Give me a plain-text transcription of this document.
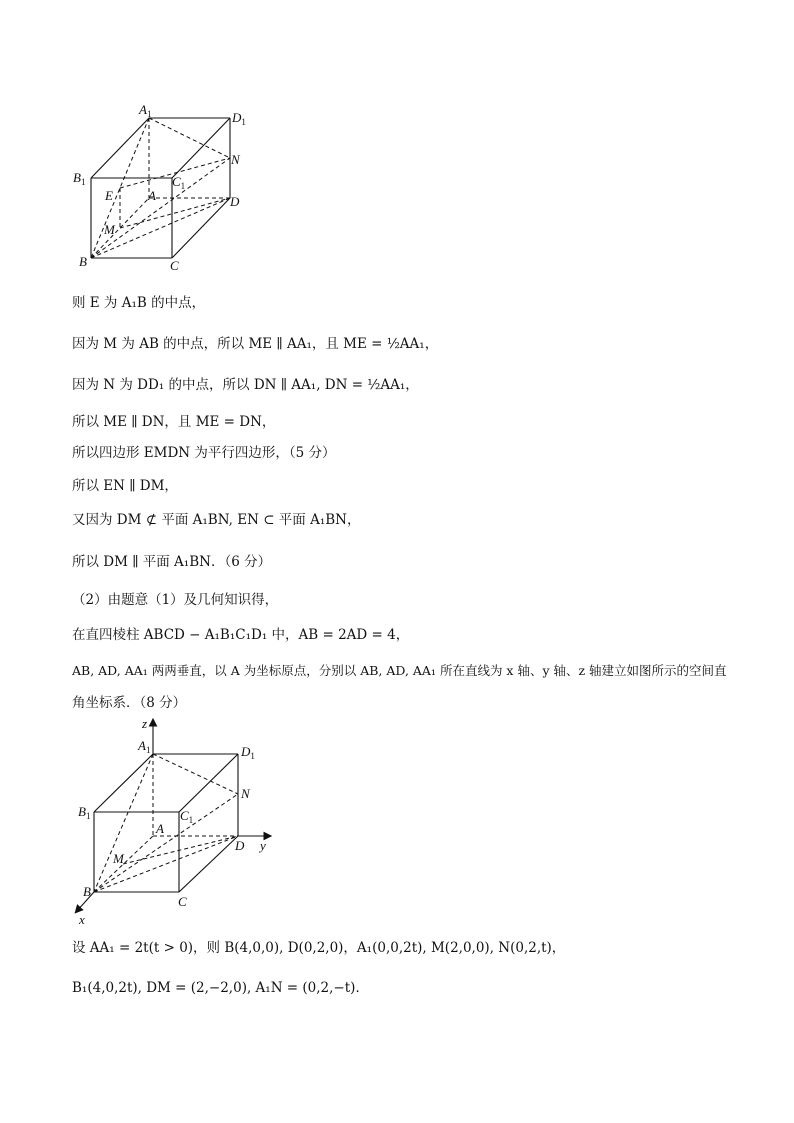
$A_1$	$D_1$
$B_1$	$C_1$
N
E	A	D
M
B	C
则 E 为 A₁B 的中点，
因为 M 为 AB 的中点，所以 ME ∥ AA₁，且 ME = ½AA₁，
因为 N 为 DD₁ 的中点，所以 DN ∥ AA₁, DN = ½AA₁，
所以 ME ∥ DN，且 ME = DN，
所以四边形 EMDN 为平行四边形，（5 分）
所以 EN ∥ DM，
又因为 DM ⊄ 平面 A₁BN, EN ⊂ 平面 A₁BN，
所以 DM ∥ 平面 A₁BN．（6 分）
（2）由题意（1）及几何知识得，
在直四棱柱 ABCD − A₁B₁C₁D₁ 中，AB = 2AD = 4，
AB, AD, AA₁ 两两垂直，以 A 为坐标原点，分别以 AB, AD, AA₁ 所在直线为 x 轴、y 轴、z 轴建立如图所示的空间直
角坐标系．（8 分）
z
$A_1$	$D_1$
N
$B_1$	$C_1$
A
D y
M
B
C
x
设 AA₁ = 2t(t > 0)，则 B(4,0,0), D(0,2,0)，A₁(0,0,2t), M(2,0,0), N(0,2,t)，
B₁(4,0,2t), DM = (2,−2,0), A₁N = (0,2,−t)．
